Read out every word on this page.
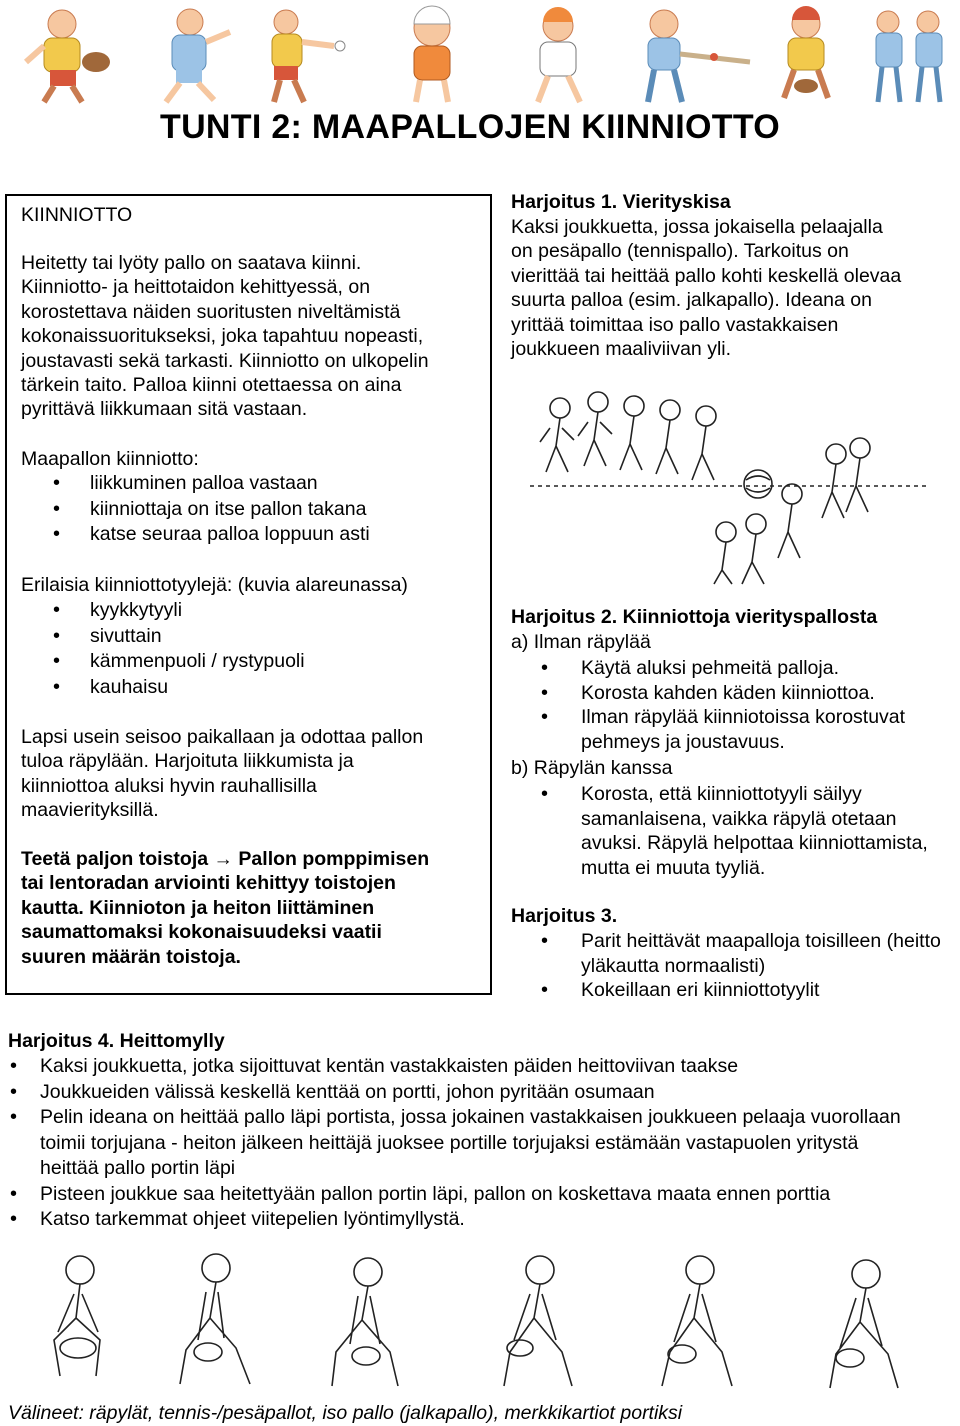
TUNTI 2: MAAPALLOJEN KIINNIOTTO
KIINNIOTTO
Heitetty tai lyöty pallo on saatava kiinni.
Kiinniotto- ja heittotaidon kehittyessä, on
korostettava näiden suoritusten niveltämistä
kokonaissuoritukseksi, joka tapahtuu nopeasti,
joustavasti sekä tarkasti. Kiinniotto on ulkopelin
tärkein taito. Palloa kiinni otettaessa on aina
pyrittävä liikkumaan sitä vastaan.
Maapallon kiinniotto:
• liikkuminen palloa vastaan
• kiinniottaja on itse pallon takana
• katse seuraa palloa loppuun asti
Erilaisia kiinniottotyylejä: (kuvia alareunassa)
• kyykkytyyli
• sivuttain
• kämmenpuoli / rystypuoli
• kauhaisu
Lapsi usein seisoo paikallaan ja odottaa pallon
tuloa räpylään. Harjoituta liikkumista ja
kiinniottoa aluksi hyvin rauhallisilla
maavierityksillä.
Teetä paljon toistoja → Pallon pomppimisen
tai lentoradan arviointi kehittyy toistojen
kautta. Kiinnioton ja heiton liittäminen
saumattomaksi kokonaisuudeksi vaatii
suuren määrän toistoja.
Harjoitus 1. Vierityskisa
Kaksi joukkuetta, jossa jokaisella pelaajalla
on pesäpallo (tennispallo). Tarkoitus on
vierittää tai heittää pallo kohti keskellä olevaa
suurta palloa (esim. jalkapallo). Ideana on
yrittää toimittaa iso pallo vastakkaisen
joukkueen maaliviivan yli.
Harjoitus 2. Kiinniottoja vierityspallosta
a) Ilman räpylää
• Käytä aluksi pehmeitä palloja.
• Korosta kahden käden kiinniottoa.
• Ilman räpylää kiinniotoissa korostuvat pehmeys ja joustavuus.
b) Räpylän kanssa
• Korosta, että kiinniottotyyli säilyy samanlaisena, vaikka räpylä otetaan avuksi. Räpylä helpottaa kiinniottamista, mutta ei muuta tyyliä.
Harjoitus 3.
• Parit heittävät maapalloja toisilleen (heitto yläkautta normaalisti)
• Kokeillaan eri kiinniottotyylit
Harjoitus 4. Heittomylly
• Kaksi joukkuetta, jotka sijoittuvat kentän vastakkaisten päiden heittoviivan taakse
• Joukkueiden välissä keskellä kenttää on portti, johon pyritään osumaan
• Pelin ideana on heittää pallo läpi portista, jossa jokainen vastakkaisen joukkueen pelaaja vuorollaan toimii torjujana - heiton jälkeen heittäjä juoksee portille torjujaksi estämään vastapuolen yritystä heittää pallo portin läpi
• Pisteen joukkue saa heitettyään pallon portin läpi, pallon on koskettava maata ennen porttia
• Katso tarkemmat ohjeet viitepelien lyöntimyllystä.
Välineet: räpylät, tennis-/pesäpallot, iso pallo (jalkapallo), merkkikartiot portiksi
